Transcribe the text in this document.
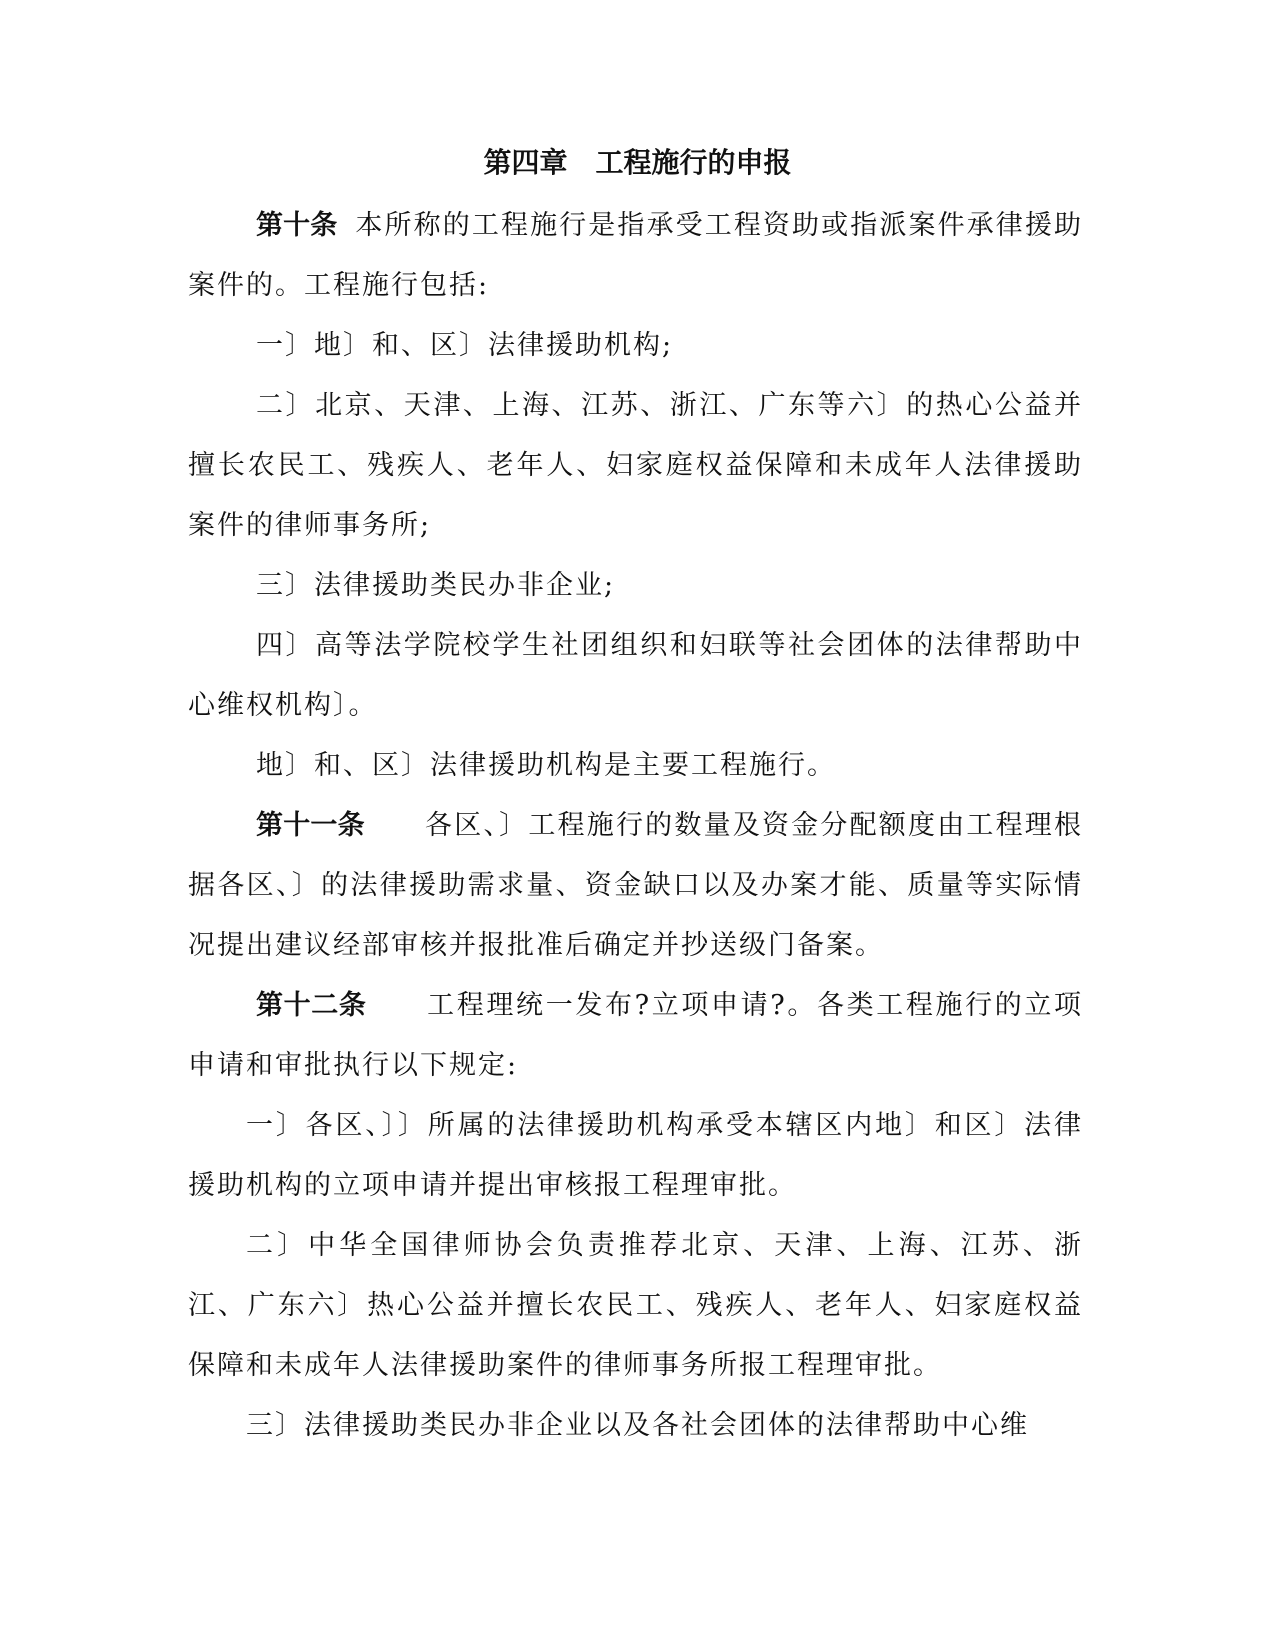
第四章　工程施行的申报

第十条 本所称的工程施行是指承受工程资助或指派案件承律援助案件的。工程施行包括:

一〕地〕和、区〕法律援助机构;

二〕北京、天津、上海、江苏、浙江、广东等六〕的热心公益并擅长农民工、残疾人、老年人、妇家庭权益保障和未成年人法律援助案件的律师事务所;

三〕法律援助类民办非企业;

四〕高等法学院校学生社团组织和妇联等社会团体的法律帮助中心维权机构〕。

地〕和、区〕法律援助机构是主要工程施行。

第十一条 各区、〕工程施行的数量及资金分配额度由工程理根据各区、〕的法律援助需求量、资金缺口以及办案才能、质量等实际情况提出建议经部审核并报批准后确定并抄送级门备案。

第十二条 工程理统一发布?立项申请?。各类工程施行的立项申请和审批执行以下规定:

一〕各区、〕〕所属的法律援助机构承受本辖区内地〕和区〕法律援助机构的立项申请并提出审核报工程理审批。

二〕中华全国律师协会负责推荐北京、天津、上海、江苏、浙江、广东六〕热心公益并擅长农民工、残疾人、老年人、妇家庭权益保障和未成年人法律援助案件的律师事务所报工程理审批。

三〕法律援助类民办非企业以及各社会团体的法律帮助中心维
